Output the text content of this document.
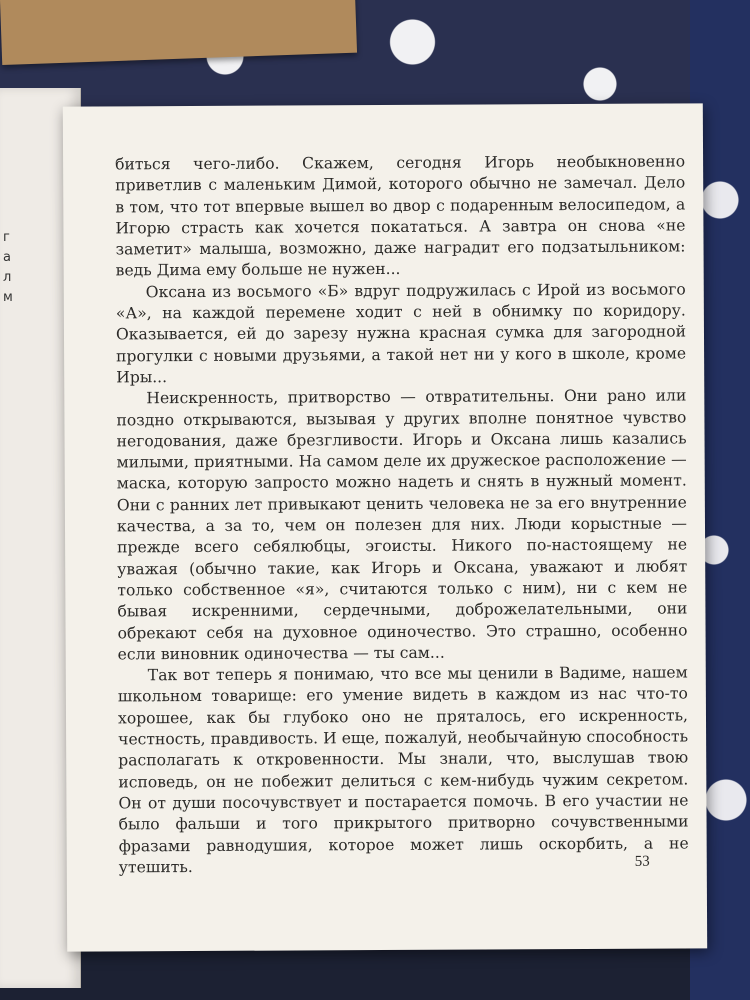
г
а
л
м

биться чего-либо. Скажем, сегодня Игорь необыкновенно приветлив с маленьким Димой, которого обычно не замечал. Дело в том, что тот впервые вышел во двор с подаренным велосипедом, а Игорю страсть как хочется покататься. А завтра он снова «не заметит» малыша, возможно, даже наградит его подзатыльником: ведь Дима ему больше не нужен...

Оксана из восьмого «Б» вдруг подружилась с Ирой из восьмого «А», на каждой перемене ходит с ней в обнимку по коридору. Оказывается, ей до зарезу нужна красная сумка для загородной прогулки с новыми друзьями, а такой нет ни у кого в школе, кроме Иры...

Неискренность, притворство — отвратительны. Они рано или поздно открываются, вызывая у других вполне понятное чувство негодования, даже брезгливости. Игорь и Оксана лишь казались милыми, приятными. На самом деле их дружеское расположение — маска, которую запросто можно надеть и снять в нужный момент. Они с ранних лет привыкают ценить человека не за его внутренние качества, а за то, чем он полезен для них. Люди корыстные — прежде всего себялюбцы, эгоисты. Никого по-настоящему не уважая (обычно такие, как Игорь и Оксана, уважают и любят только собственное «я», считаются только с ним), ни с кем не бывая искренними, сердечными, доброжелательными, они обрекают себя на духовное одиночество. Это страшно, особенно если виновник одиночества — ты сам...

Так вот теперь я понимаю, что все мы ценили в Вадиме, нашем школьном товарище: его умение видеть в каждом из нас что-то хорошее, как бы глубоко оно не пряталось, его искренность, честность, правдивость. И еще, пожалуй, необычайную способность располагать к откровенности. Мы знали, что, выслушав твою исповедь, он не побежит делиться с кем-нибудь чужим секретом. Он от души посочувствует и постарается помочь. В его участии не было фальши и того прикрытого притворно сочувственными фразами равнодушия, которое может лишь оскорбить, а не утешить.	53
